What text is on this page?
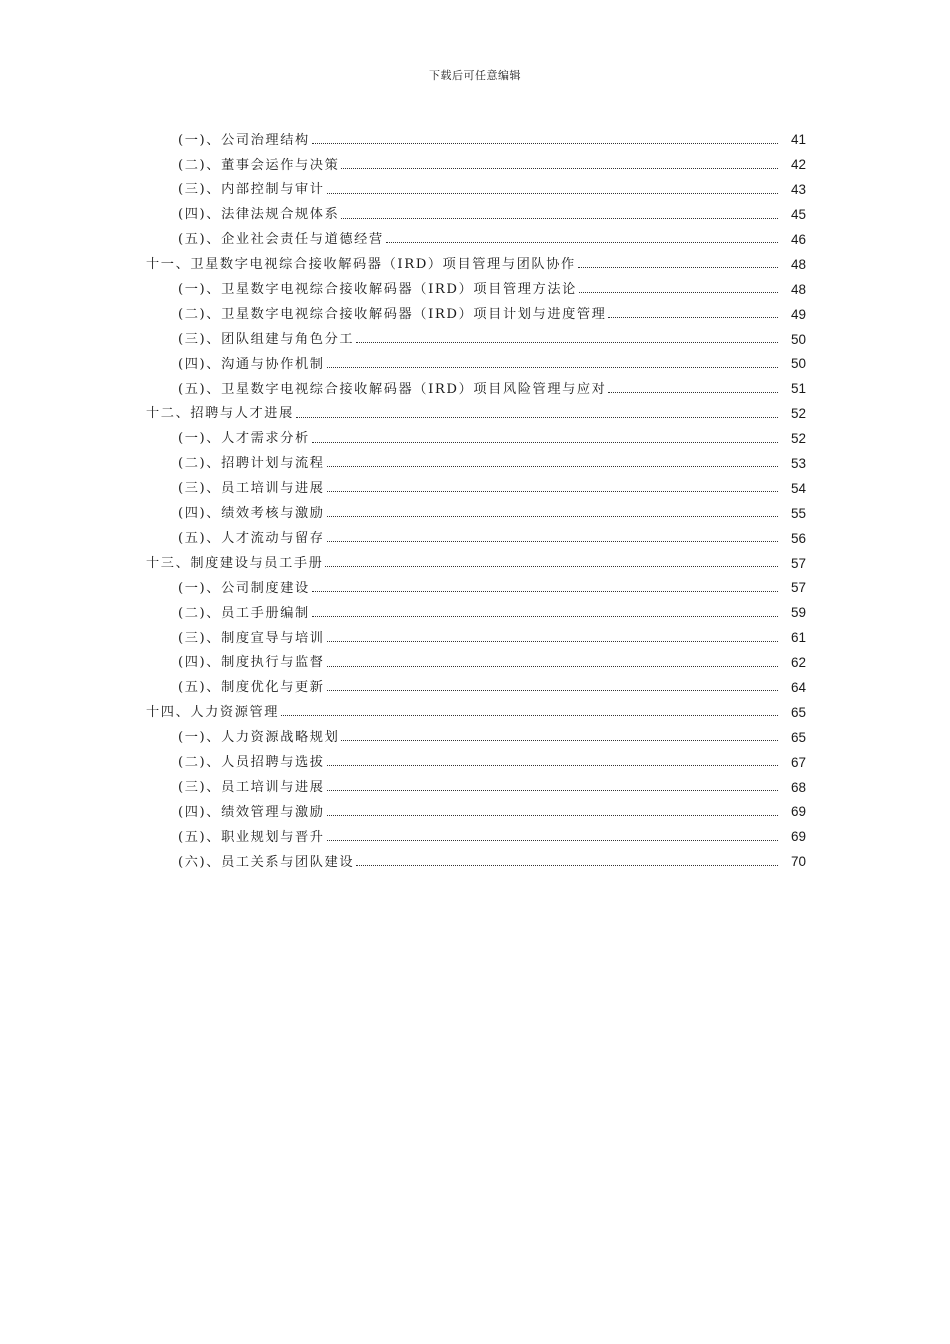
下载后可任意编辑
(一)、公司治理结构	41
(二)、董事会运作与决策	42
(三)、内部控制与审计	43
(四)、法律法规合规体系	45
(五)、企业社会责任与道德经营	46
十一、卫星数字电视综合接收解码器（IRD）项目管理与团队协作	48
(一)、卫星数字电视综合接收解码器（IRD）项目管理方法论	48
(二)、卫星数字电视综合接收解码器（IRD）项目计划与进度管理	49
(三)、团队组建与角色分工	50
(四)、沟通与协作机制	50
(五)、卫星数字电视综合接收解码器（IRD）项目风险管理与应对	51
十二、招聘与人才进展	52
(一)、人才需求分析	52
(二)、招聘计划与流程	53
(三)、员工培训与进展	54
(四)、绩效考核与激励	55
(五)、人才流动与留存	56
十三、制度建设与员工手册	57
(一)、公司制度建设	57
(二)、员工手册编制	59
(三)、制度宣导与培训	61
(四)、制度执行与监督	62
(五)、制度优化与更新	64
十四、人力资源管理	65
(一)、人力资源战略规划	65
(二)、人员招聘与选拔	67
(三)、员工培训与进展	68
(四)、绩效管理与激励	69
(五)、职业规划与晋升	69
(六)、员工关系与团队建设	70
